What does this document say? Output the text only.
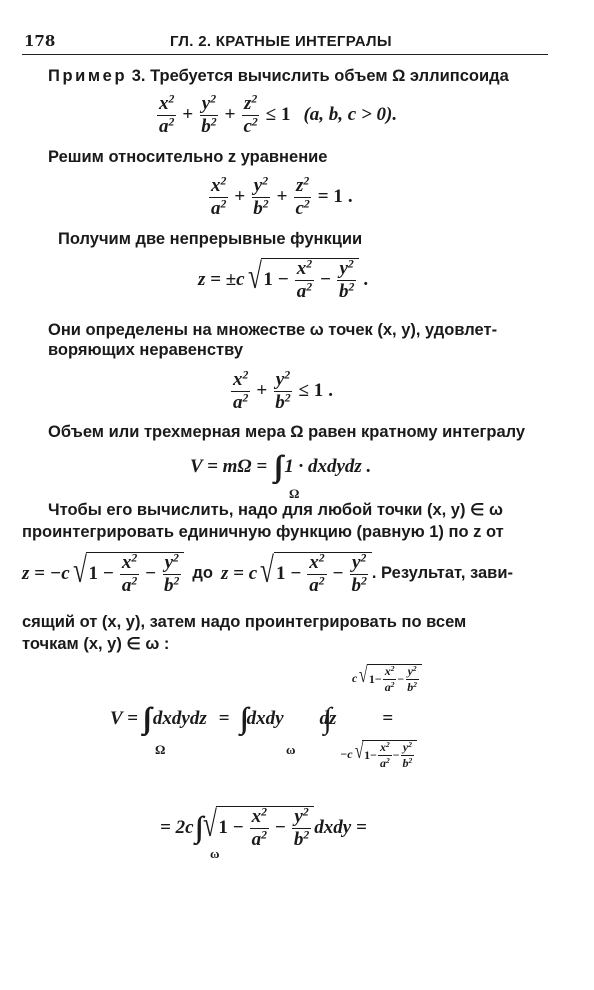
178	ГЛ. 2. КРАТНЫЕ ИНТЕГРАЛЫ
Пример 3. Требуется вычислить объем Ω эллипсоида
$x^2$
$a^2 + \frac{y^2}{b^2} + \frac{z^2}{c^2} \le 1$ (a, b, c > 0).
Решим относительно z уравнение
$x^2$
$a^2 + \frac{y^2}{b^2} + \frac{z^2}{c^2} = 1$ .
Получим две непрерывные функции
z = ±c √ $1 - \frac{x^2}{a^2} - \frac{y^2}{b^2}$ .
Они определены на множестве ω точек (x, y), удовлет-
воряющих неравенству
$x^2$
$a^2 + \frac{y^2}{b^2} \le 1$ .
Объем или трехмерная мера Ω равен кратному интегралу
V = mΩ = 1 · dxdydz .
Ω
Чтобы его вычислить, надо для любой точки (x, y) ∈ ω
проинтегрировать единичную функцию (равную 1) по z от
z = −c √ $1 - \frac{x^2}{a^2} - \frac{y^2}{b^2}$ до z = c √ $1 - \frac{x^2}{a^2} - \frac{y^2}{b^2}$ . Результат, зави-
сящий от (x, y), затем надо проинтегрировать по всем
точкам (x, y) ∈ ω :
V = dxdydz = dxdy dz =
Ω	ω
c √ $1 - \frac{x^2}{a^2} - \frac{y^2}{b^2}$
−c √ $1 - \frac{x^2}{a^2} - \frac{y^2}{b^2}$
= 2c √ $1 - \frac{x^2}{a^2} - \frac{y^2}{b^2}$ dxdy =
ω
